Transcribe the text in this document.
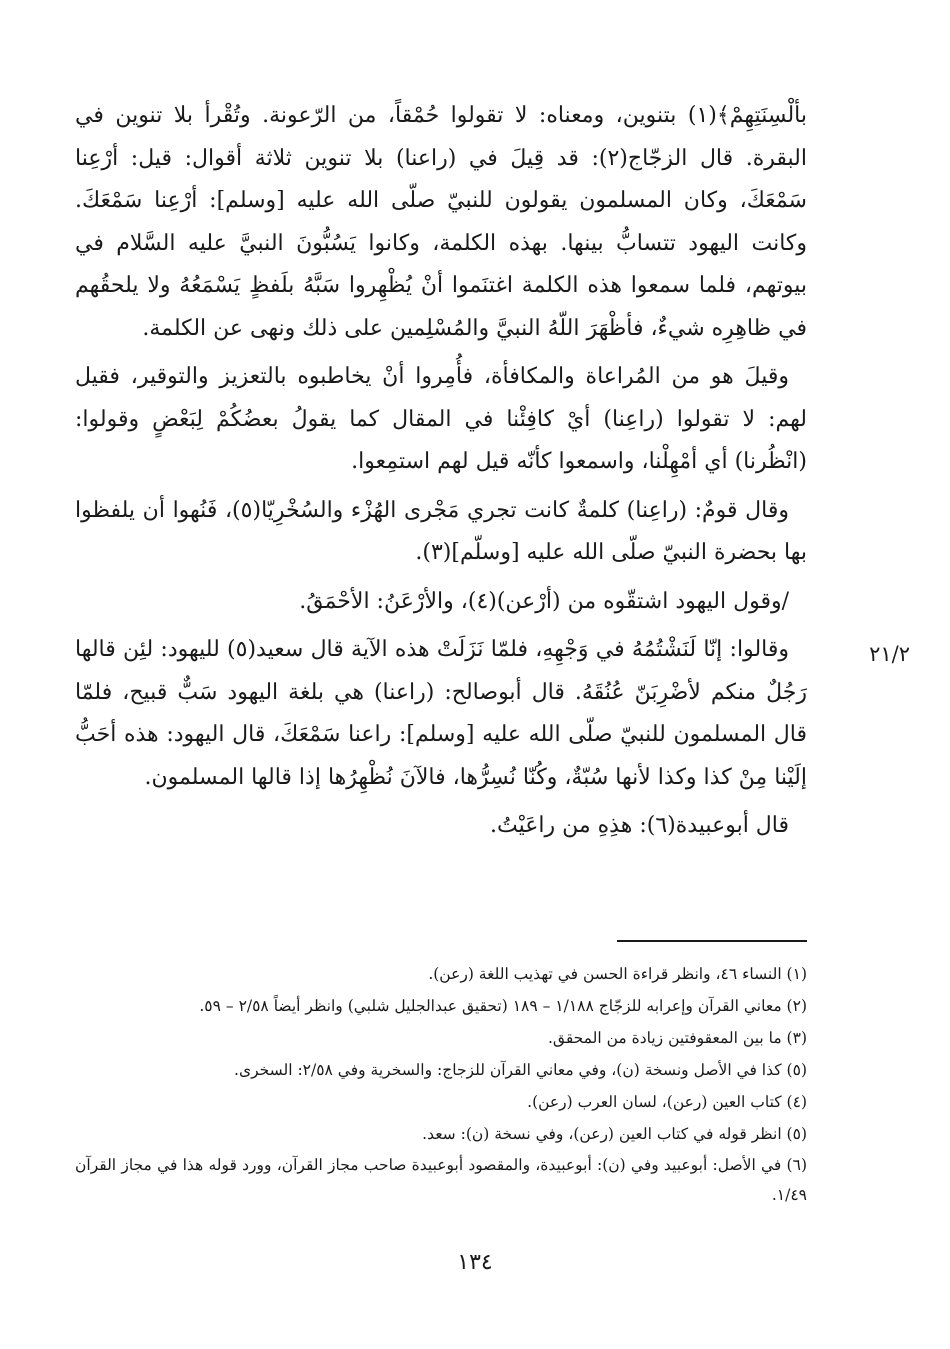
بألْسِنَتِهِمْ﴾(١) بتنوين، ومعناه: لا تقولوا حُمْقاً، من الرّعونة. وتُقْرأ بلا تنوين في البقرة. قال الزجّاج(٢): قد قِيلَ في (راعنا) بلا تنوين ثلاثة أقوال: قيل: أرْعِنا سَمْعَكَ، وكان المسلمون يقولون للنبيّ صلّى الله عليه [وسلم]: أرْعِنا سَمْعَكَ. وكانت اليهود تتسابُّ بينها. بهذه الكلمة، وكانوا يَسُبُّونَ النبيَّ عليه السَّلام في بيوتهم، فلما سمعوا هذه الكلمة اغتنَموا أنْ يُظْهِروا سَبَّهُ بلَفظٍ يَسْمَعُهُ ولا يلحقُهم في ظاهِرِه شيءٌ، فأظْهَرَ اللّهُ النبيَّ والمُسْلِمين على ذلك ونهى عن الكلمة.

وقيلَ هو من المُراعاة والمكافأة، فأُمِروا أنْ يخاطبوه بالتعزيز والتوقير، فقيل لهم: لا تقولوا (راعِنا) أيْ كافِئْنا في المقال كما يقولُ بعضُكُمْ لِبَعْضٍ وقولوا: (انْظُرنا) أي أمْهِلْنا، واسمعوا كأنّه قيل لهم استمِعوا.

وقال قومٌ: (راعِنا) كلمةٌ كانت تجري مَجْرى الهُزْء والسُخْرِيّا(٥)، فَنُهوا أن يلفظوا بها بحضرة النبيّ صلّى الله عليه [وسلّم](٣).

/وقول اليهود اشتقّوه من (أرْعن)(٤)، والأرْعَنُ: الأحْمَقُ.

وقالوا: إنّا لَنَشْتُمُهُ في وَجْهِهِ، فلمّا نَزَلَتْ هذه الآية قال سعيد(٥) لليهود: لئِن قالها رَجُلٌ منكم لأضْرِبَنّ عُنُقَهُ. قال أبوصالح: (راعنا) هي بلغة اليهود سَبٌّ قبيح، فلمّا قال المسلمون للنبيّ صلّى الله عليه [وسلم]: راعنا سَمْعَكَ، قال اليهود: هذه أحَبُّ إلَيْنا مِنْ كذا وكذا لأنها سُبّةٌ، وكُنّا نُسِرُّها، فالآنَ نُظْهِرُها إذا قالها المسلمون.

قال أبوعبيدة(٦): هذِهِ من راعَيْتُ.

٢١/٢

(١) النساء ٤٦، وانظر قراءة الحسن في تهذيب اللغة (رعن).

(٢) معاني القرآن وإعرابه للزجّاج ١/١٨٨ – ١٨٩ (تحقيق عبدالجليل شلبي) وانظر أيضاً ٢/٥٨ – ٥٩.

(٣) ما بين المعقوفتين زيادة من المحقق.

(٥) كذا في الأصل ونسخة (ن)، وفي معاني القرآن للزجاج: والسخرية وفي ٢/٥٨: السخرى.

(٤) كتاب العين (رعن)، لسان العرب (رعن).

(٥) انظر قوله في كتاب العين (رعن)، وفي نسخة (ن): سعد.

(٦) في الأصل: أبوعبيد وفي (ن): أبوعبيدة، والمقصود أبوعبيدة صاحب مجاز القرآن، وورد قوله هذا في مجاز القرآن ١/٤٩.

١٣٤
